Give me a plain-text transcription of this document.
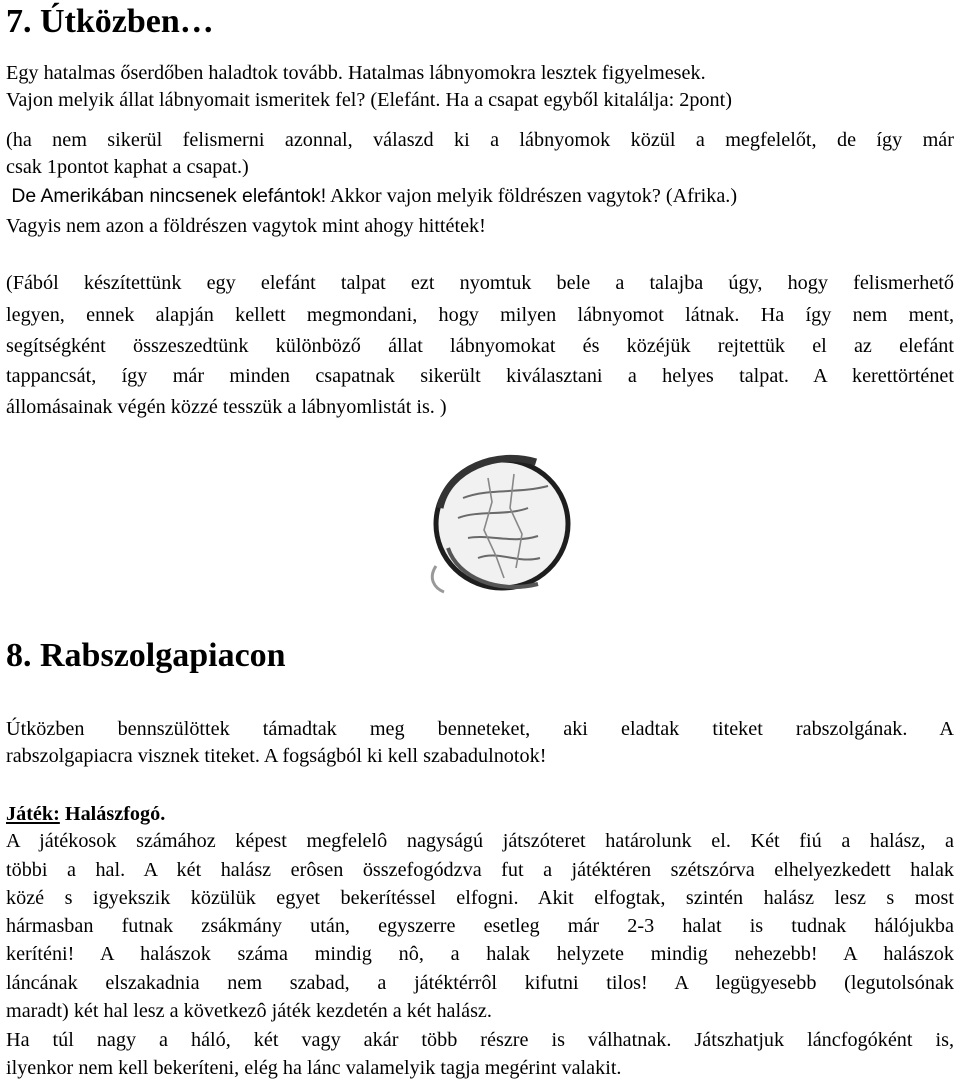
7. Útközben…
Egy hatalmas őserdőben haladtok tovább. Hatalmas lábnyomokra lesztek figyelmesek.
Vajon melyik állat lábnyomait ismeritek fel? (Elefánt. Ha a csapat egyből kitalálja: 2pont)
(ha nem sikerül felismerni azonnal, válaszd ki a lábnyomok közül a megfelelőt, de így már
csak 1pontot kaphat a csapat.)
De Amerikában nincsenek elefántok! Akkor vajon melyik földrészen vagytok? (Afrika.)
Vagyis nem azon a földrészen vagytok mint ahogy hittétek!
(Fából készítettünk egy elefánt talpat ezt nyomtuk bele a talajba úgy, hogy felismerhető
legyen, ennek alapján kellett megmondani, hogy milyen lábnyomot látnak. Ha így nem ment,
segítségként összeszedtünk különböző állat lábnyomokat és közéjük rejtettük el az elefánt
tappancsát, így már minden csapatnak sikerült kiválasztani a helyes talpat. A kerettörténet
állomásainak végén közzé tesszük a lábnyomlistát is. )
8. Rabszolgapiacon
Útközben bennszülöttek támadtak meg benneteket, aki eladtak titeket rabszolgának. A
rabszolgapiacra visznek titeket. A fogságból ki kell szabadulnotok!
Játék: Halászfogó.
A játékosok számához képest megfelelô nagyságú játszóteret határolunk el. Két fiú a halász, a
többi a hal. A két halász erôsen összefogódzva fut a játéktéren szétszórva elhelyezkedett halak
közé s igyekszik közülük egyet bekerítéssel elfogni. Akit elfogtak, szintén halász lesz s most
hármasban futnak zsákmány után, egyszerre esetleg már 2-3 halat is tudnak hálójukba
keríténi! A halászok száma mindig nô, a halak helyzete mindig nehezebb! A halászok
láncának elszakadnia nem szabad, a játéktérrôl kifutni tilos! A legügyesebb (legutolsónak
maradt) két hal lesz a következô játék kezdetén a két halász.
Ha túl nagy a háló, két vagy akár több részre is válhatnak. Játszhatjuk láncfogóként is,
ilyenkor nem kell bekeríteni, elég ha lánc valamelyik tagja megérint valakit.
